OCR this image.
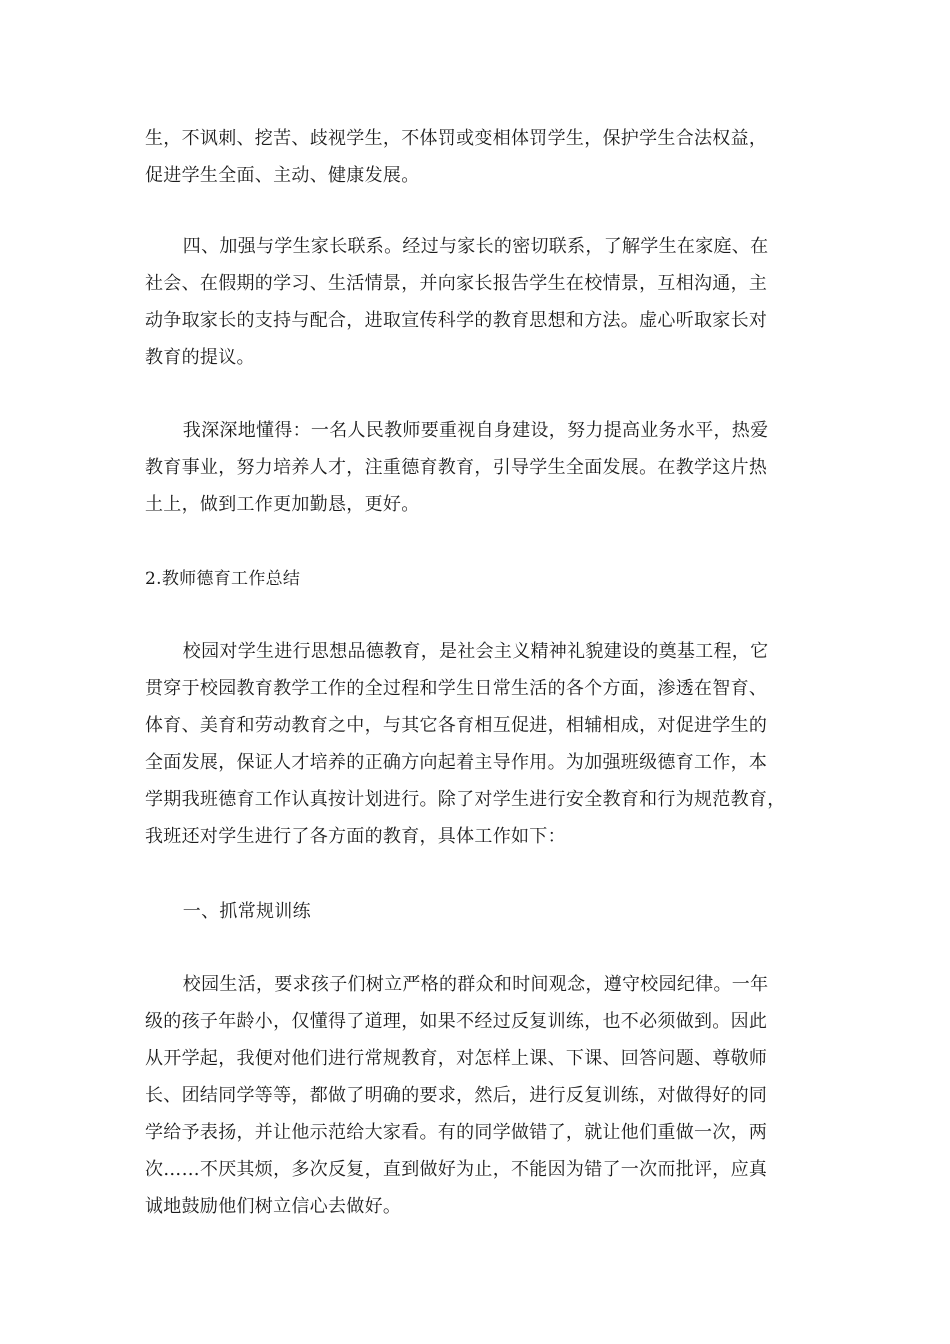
生，不讽刺、挖苦、歧视学生，不体罚或变相体罚学生，保护学生合法权益，
促进学生全面、主动、健康发展。

四、加强与学生家长联系。经过与家长的密切联系，了解学生在家庭、在
社会、在假期的学习、生活情景，并向家长报告学生在校情景，互相沟通，主
动争取家长的支持与配合，进取宣传科学的教育思想和方法。虚心听取家长对
教育的提议。

我深深地懂得：一名人民教师要重视自身建设，努力提高业务水平，热爱
教育事业，努力培养人才，注重德育教育，引导学生全面发展。在教学这片热
土上，做到工作更加勤恳，更好。

2.教师德育工作总结

校园对学生进行思想品德教育，是社会主义精神礼貌建设的奠基工程，它
贯穿于校园教育教学工作的全过程和学生日常生活的各个方面，渗透在智育、
体育、美育和劳动教育之中，与其它各育相互促进，相辅相成，对促进学生的
全面发展，保证人才培养的正确方向起着主导作用。为加强班级德育工作，本
学期我班德育工作认真按计划进行。除了对学生进行安全教育和行为规范教育，
我班还对学生进行了各方面的教育，具体工作如下：

一、抓常规训练

校园生活，要求孩子们树立严格的群众和时间观念，遵守校园纪律。一年
级的孩子年龄小，仅懂得了道理，如果不经过反复训练，也不必须做到。因此
从开学起，我便对他们进行常规教育，对怎样上课、下课、回答问题、尊敬师
长、团结同学等等，都做了明确的要求，然后，进行反复训练，对做得好的同
学给予表扬，并让他示范给大家看。有的同学做错了，就让他们重做一次，两
次……不厌其烦，多次反复，直到做好为止，不能因为错了一次而批评，应真
诚地鼓励他们树立信心去做好。
